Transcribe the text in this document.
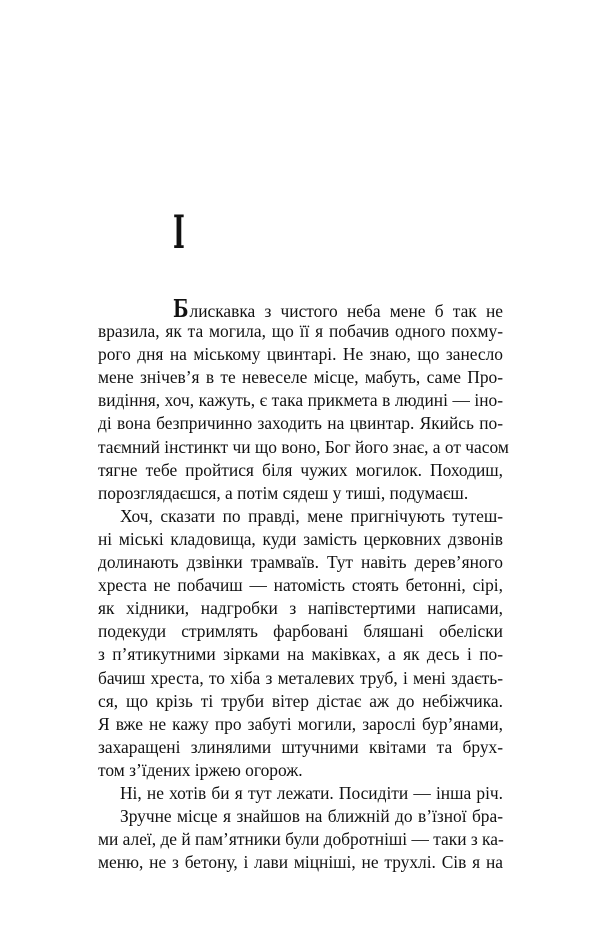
I
Блискавка з чистого неба мене б так не
вразила, як та могила, що її я побачив одного похму-
рого дня на міському цвинтарі. Не знаю, що занесло
мене знічев’я в те невеселе місце, мабуть, саме Про-
видіння, хоч, кажуть, є така прикмета в людині — іно-
ді вона безпричинно заходить на цвинтар. Якийсь по-
таємний інстинкт чи що воно, Бог його знає, а от часом
тягне тебе пройтися біля чужих могилок. Походиш,
порозглядаєшся, а потім сядеш у тиші, подумаєш.
Хоч, сказати по правді, мене пригнічують тутеш-
ні міські кладовища, куди замість церковних дзвонів
долинають дзвінки трамваїв. Тут навіть дерев’яного
хреста не побачиш — натомість стоять бетонні, сірі,
як хідники, надгробки з напівстертими написами,
подекуди стримлять фарбовані бляшані обеліски
з п’ятикутними зірками на маківках, а як десь і по-
бачиш хреста, то хіба з металевих труб, і мені здаєть-
ся, що крізь ті труби вітер дістає аж до небіжчика.
Я вже не кажу про забуті могили, зарослі бур’янами,
захаращені злинялими штучними квітами та брух-
том з’їдених іржею огорож.
Ні, не хотів би я тут лежати. Посидіти — інша річ.
Зручне місце я знайшов на ближній до в’їзної бра-
ми алеї, де й пам’ятники були добротніші — таки з ка-
меню, не з бетону, і лави міцніші, не трухлі. Сів я на
